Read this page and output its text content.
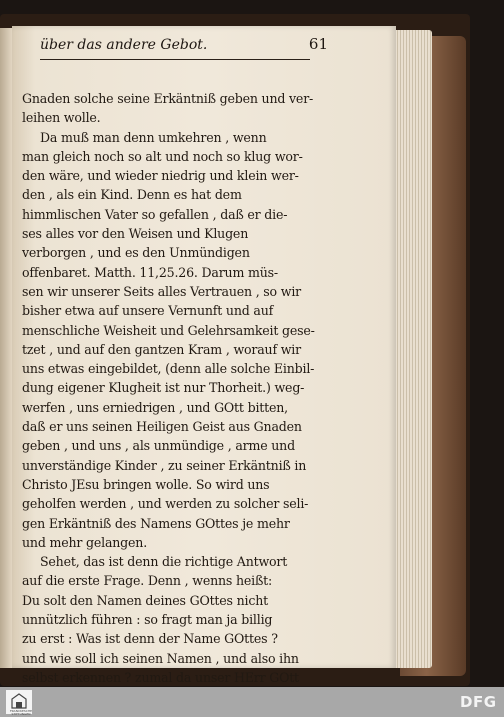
über das andere Gebot.	61
Gnaden solche seine Erkäntniß geben und ver-
leihen wolle.
Da muß man denn umkehren , wenn
man gleich noch so alt und noch so klug wor-
den wäre, und wieder niedrig und klein wer-
den , als ein Kind. Denn es hat dem
himmlischen Vater so gefallen , daß er die-
ses alles vor den Weisen und Klugen
verborgen , und es den Unmündigen
offenbaret. Matth. 11,25.26. Darum müs-
sen wir unserer Seits alles Vertrauen , so wir
bisher etwa auf unsere Vernunft und auf
menschliche Weisheit und Gelehrsamkeit gese-
tzet , und auf den gantzen Kram , worauf wir
uns etwas eingebildet, (denn alle solche Einbil-
dung eigener Klugheit ist nur Thorheit.) weg-
werfen , uns erniedrigen , und GOtt bitten,
daß er uns seinen Heiligen Geist aus Gnaden
geben , und uns , als unmündige , arme und
unverständige Kinder , zu seiner Erkäntniß in
Christo JEsu bringen wolle. So wird uns
geholfen werden , und werden zu solcher seli-
gen Erkäntniß des Namens GOttes je mehr
und mehr gelangen.
Sehet, das ist denn die richtige Antwort
auf die erste Frage. Denn , wenns heißt:
Du solt den Namen deines GOttes nicht
unnützlich führen : so fragt man ja billig
zu erst : Was ist denn der Name GOttes ?
und wie soll ich seinen Namen , und also ihn
selbst erkennen ? zumal da unser HErr GOtt
FRANCKESCHE STIFTUNGEN
DFG
